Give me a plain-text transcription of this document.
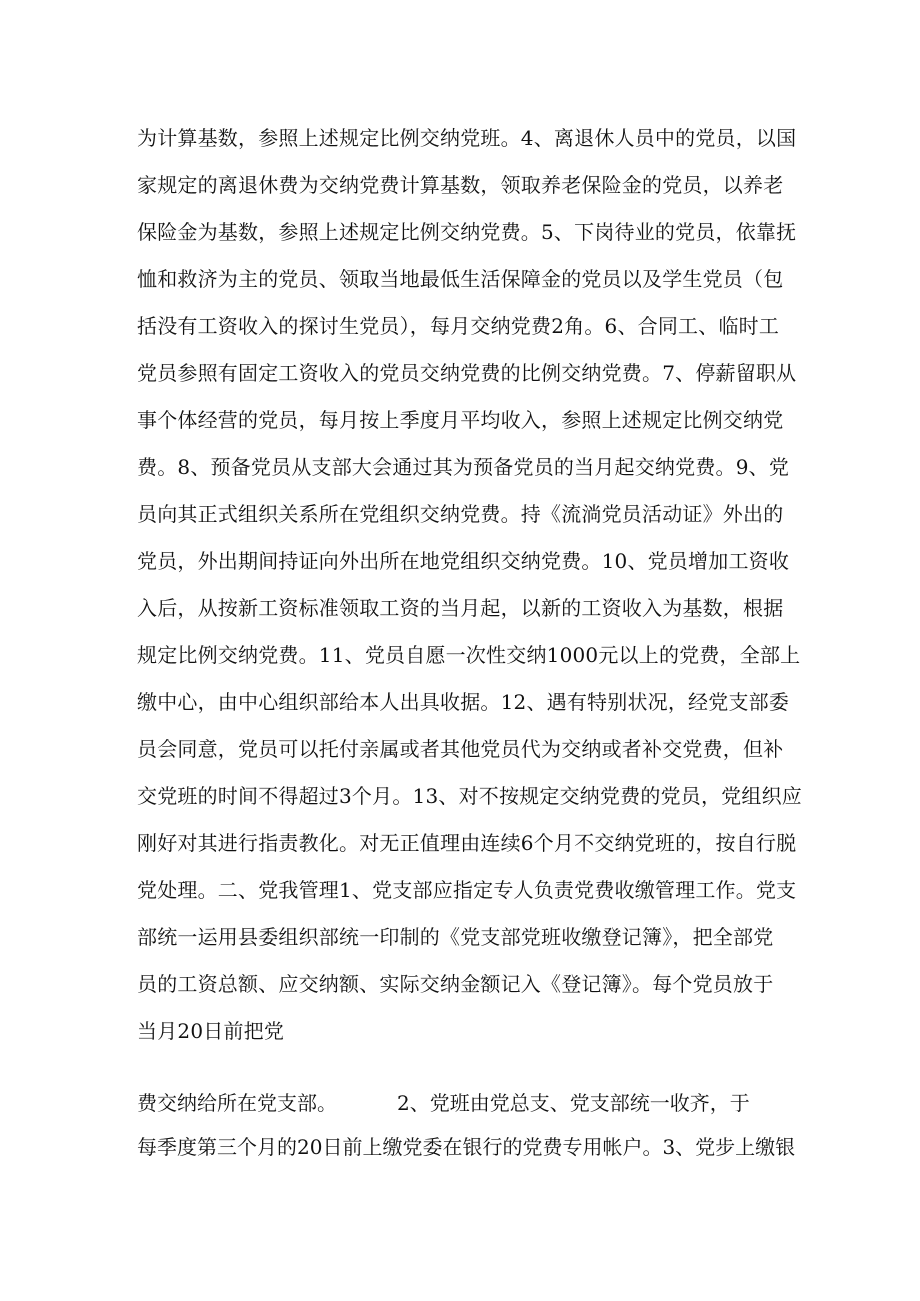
为计算基数，参照上述规定比例交纳党班。4、离退休人员中的党员，以国
家规定的离退休费为交纳党费计算基数，领取养老保险金的党员，以养老
保险金为基数，参照上述规定比例交纳党费。5、下岗待业的党员，依靠抚
恤和救济为主的党员、领取当地最低生活保障金的党员以及学生党员（包
括没有工资收入的探讨生党员），每月交纳党费2角。6、合同工、临时工
党员参照有固定工资收入的党员交纳党费的比例交纳党费。7、停薪留职从
事个体经营的党员，每月按上季度月平均收入，参照上述规定比例交纳党
费。8、预备党员从支部大会通过其为预备党员的当月起交纳党费。9、党
员向其正式组织关系所在党组织交纳党费。持《流淌党员活动证》外出的
党员，外出期间持证向外出所在地党组织交纳党费。10、党员增加工资收
入后，从按新工资标准领取工资的当月起，以新的工资收入为基数，根据
规定比例交纳党费。11、党员自愿一次性交纳1000元以上的党费，全部上
缴中心，由中心组织部给本人出具收据。12、遇有特别状况，经党支部委
员会同意，党员可以托付亲属或者其他党员代为交纳或者补交党费，但补
交党班的时间不得超过3个月。13、对不按规定交纳党费的党员，党组织应
刚好对其进行指责教化。对无正值理由连续6个月不交纳党班的，按自行脱
党处理。二、党我管理1、党支部应指定专人负责党费收缴管理工作。党支
部统一运用县委组织部统一印制的《党支部党班收缴登记簿》，把全部党
员的工资总额、应交纳额、实际交纳金额记入《登记簿》。每个党员放于
当月20日前把党
费交纳给所在党支部。	2、党班由党总支、党支部统一收齐，于
每季度第三个月的20日前上缴党委在银行的党费专用帐户。3、党步上缴银
